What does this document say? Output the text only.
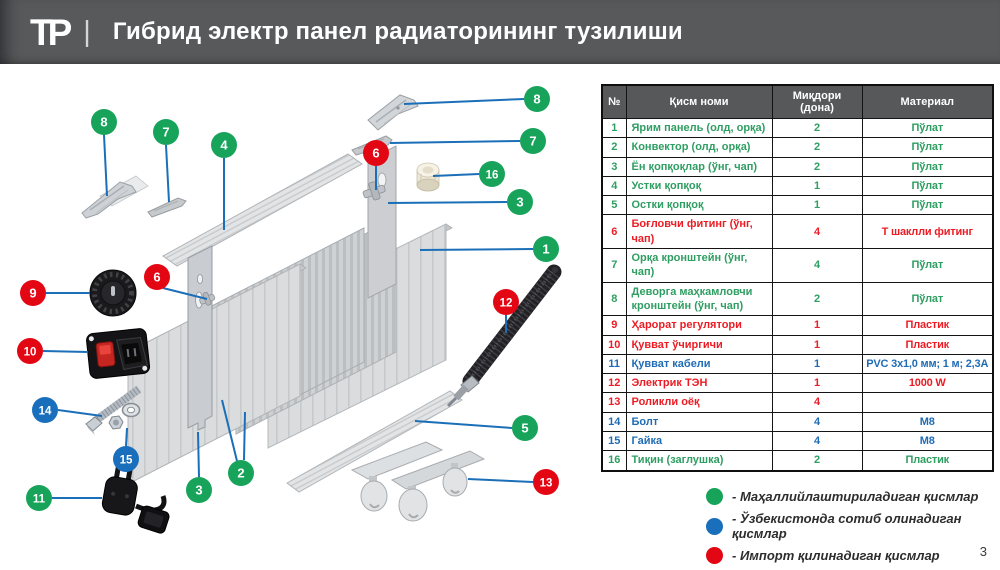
TP | Гибрид электр панел радиаторининг тузилиши
8
7
4
8
7
6
16
3
1
9
6
12
10
14
15
5
2
3	13
11
№	Қисм номи	Миқдори (дона)	Материал
1	Ярим панель (олд, орқа)	2	Пўлат
2	Конвектор (олд, орқа)	2	Пўлат
3	Ён қопқоқлар (ўнг, чап)	2	Пўлат
4	Устки қопқоқ	1	Пўлат
5	Остки қопқоқ	1	Пўлат
6	Боғловчи фитинг (ўнг, чап)	4	Т шаклли фитинг
7	Орқа кронштейн (ўнг, чап)	4	Пўлат
8	Деворга маҳкамловчи кронштейн (ўнг, чап)	2	Пўлат
9	Ҳарорат регулятори	1	Пластик
10	Қувват ўчиргичи	1	Пластик
11	Қувват кабели	1	PVC 3х1,0 мм; 1 м; 2,3А
12	Электрик ТЭН	1	1000 W
13	Роликли оёқ	4	
14	Болт	4	М8
15	Гайка	4	М8
16	Тиқин (заглушка)	2	Пластик
- Маҳаллийлаштириладиган қисмлар
- Ўзбекистонда сотиб олинадиган қисмлар
- Импорт қилинадиган қисмлар	3
